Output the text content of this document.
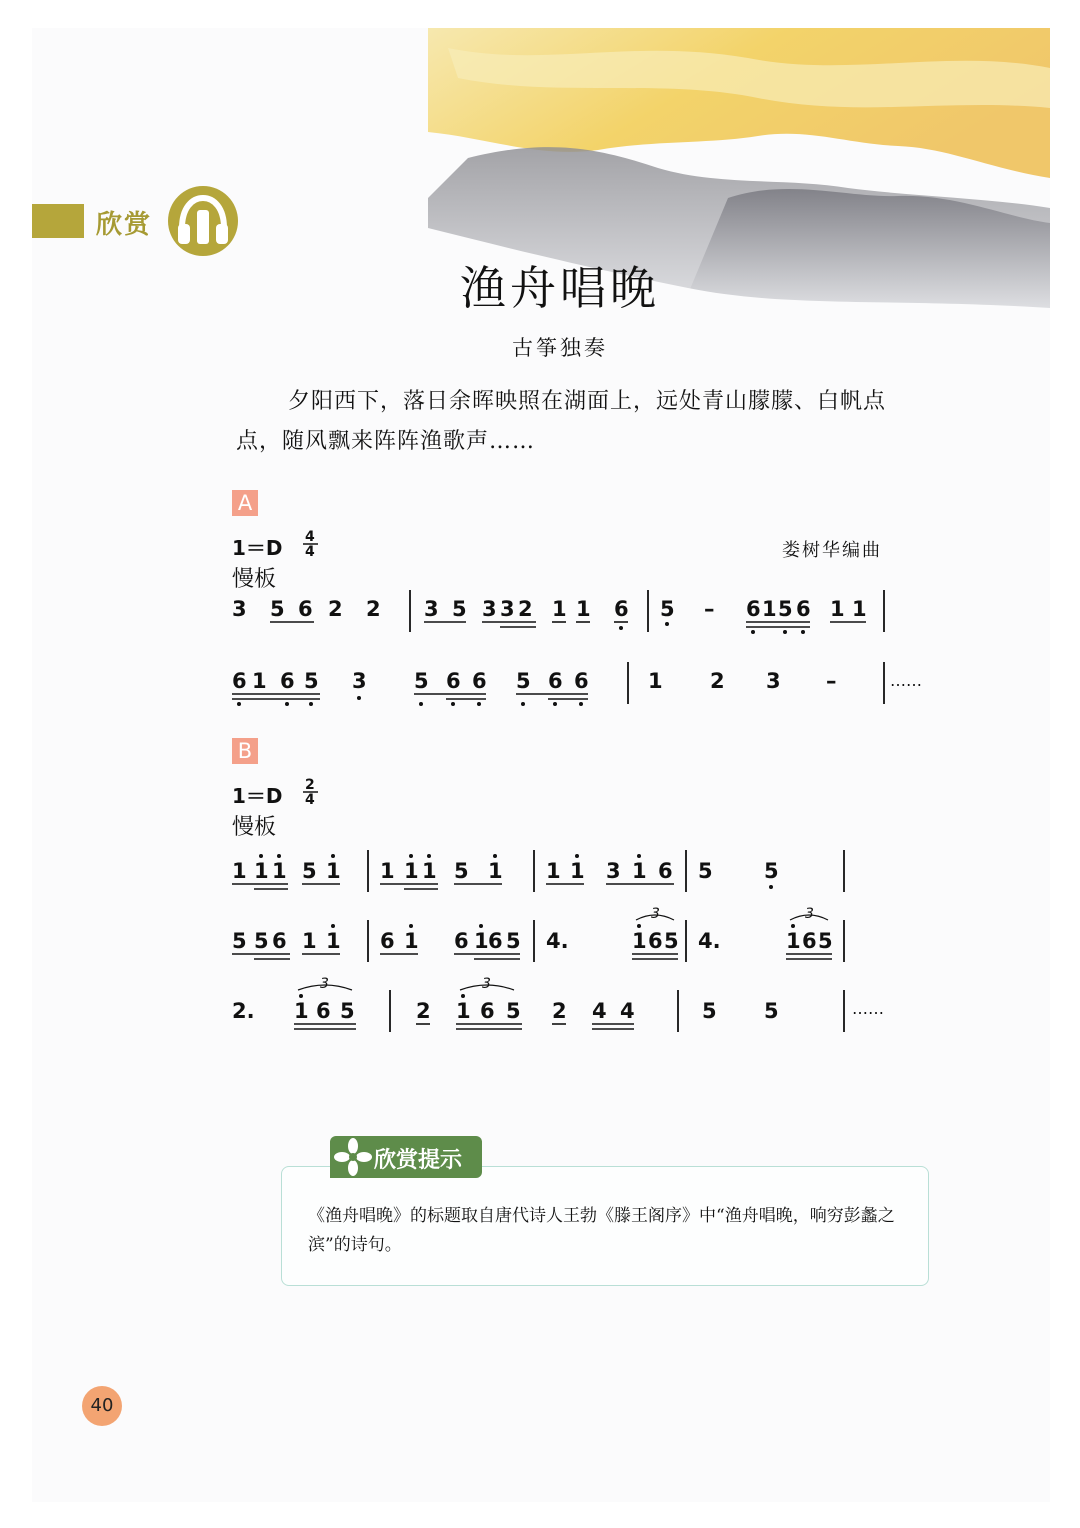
欣赏
渔舟唱晚
古筝独奏

夕阳西下，落日余晖映照在湖面上，远处青山朦朦、白帆点点，随风飘来阵阵渔歌声……

A
1＝D
慢板
娄树华编曲
B
1＝D
慢板
4
4
2
4
3 5 6 2 2 3 5 3 3 2 1 1 6 5 – 6 1 5 6 1 1
6 1 6 5 3 5 6 6 5 6 6	1 2 3 –	……
1 1 1 5 1 1 1 1 5 1 1 1 3 1 6 5 5
5 5 6 1 1 6 1 6 1 6 5 4.	1 6 5
3
4.	1 6 5
3
2. 1 6 5
3
2 1 6 5
3
2 4 4	5 5	……
欣赏提示
《渔舟唱晚》的标题取自唐代诗人王勃《滕王阁序》中“渔舟唱晚，响穷彭蠡之滨”的诗句。
40
